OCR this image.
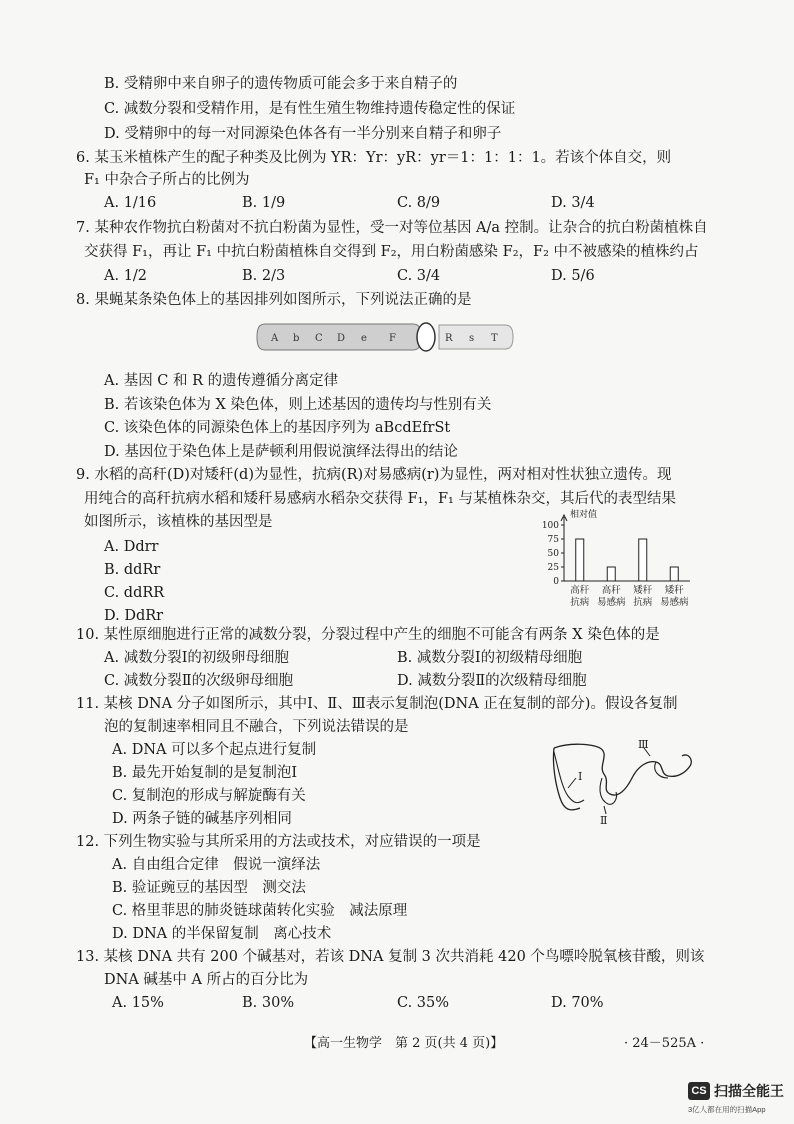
B. 受精卵中来自卵子的遗传物质可能会多于来自精子的
C. 减数分裂和受精作用，是有性生殖生物维持遗传稳定性的保证
D. 受精卵中的每一对同源染色体各有一半分别来自精子和卵子
6. 某玉米植株产生的配子种类及比例为 YR：Yr：yR：yr＝1：1：1：1。若该个体自交，则
F₁ 中杂合子所占的比例为
A. 1/16	B. 1/9	C. 8/9	D. 3/4
7. 某种农作物抗白粉菌对不抗白粉菌为显性，受一对等位基因 A/a 控制。让杂合的抗白粉菌植株自
交获得 F₁，再让 F₁ 中抗白粉菌植株自交得到 F₂，用白粉菌感染 F₂，F₂ 中不被感染的植株约占
A. 1/2	B. 2/3	C. 3/4	D. 5/6
8. 果蝇某条染色体上的基因排列如图所示，下列说法正确的是
A b C D e F	R s T
A. 基因 C 和 R 的遗传遵循分离定律
B. 若该染色体为 X 染色体，则上述基因的遗传均与性别有关
C. 该染色体的同源染色体上的基因序列为 aBcdEfrSt
D. 基因位于染色体上是萨顿利用假说演绎法得出的结论
9. 水稻的高秆(D)对矮秆(d)为显性，抗病(R)对易感病(r)为显性，两对相对性状独立遗传。现
用纯合的高秆抗病水稻和矮秆易感病水稻杂交获得 F₁，F₁ 与某植株杂交，其后代的表型结果
如图所示，该植株的基因型是
A. Ddrr
B. ddRr
C. ddRR
D. DdRr
相对值
100
75
50
25
0
高秆
抗病
高秆
易感病
矮秆
抗病
矮秆
易感病
10. 某性原细胞进行正常的减数分裂，分裂过程中产生的细胞不可能含有两条 X 染色体的是
A. 减数分裂Ⅰ的初级卵母细胞	B. 减数分裂Ⅰ的初级精母细胞
C. 减数分裂Ⅱ的次级卵母细胞	D. 减数分裂Ⅱ的次级精母细胞
11. 某核 DNA 分子如图所示，其中Ⅰ、Ⅱ、Ⅲ表示复制泡(DNA 正在复制的部分)。假设各复制
泡的复制速率相同且不融合，下列说法错误的是
A. DNA 可以多个起点进行复制
B. 最先开始复制的是复制泡Ⅰ
C. 复制泡的形成与解旋酶有关
D. 两条子链的碱基序列相同
Ⅰ
Ⅱ
Ⅲ
12. 下列生物实验与其所采用的方法或技术，对应错误的一项是
A. 自由组合定律　假说一演绎法
B. 验证豌豆的基因型　测交法
C. 格里菲思的肺炎链球菌转化实验　减法原理
D. DNA 的半保留复制　离心技术
13. 某核 DNA 共有 200 个碱基对，若该 DNA 复制 3 次共消耗 420 个鸟嘌呤脱氧核苷酸，则该
DNA 碱基中 A 所占的百分比为
A. 15%	B. 30%	C. 35%	D. 70%
【高一生物学　第 2 页(共 4 页)】	· 24－525A ·
CS 扫描全能王
3亿人都在用的扫描App
